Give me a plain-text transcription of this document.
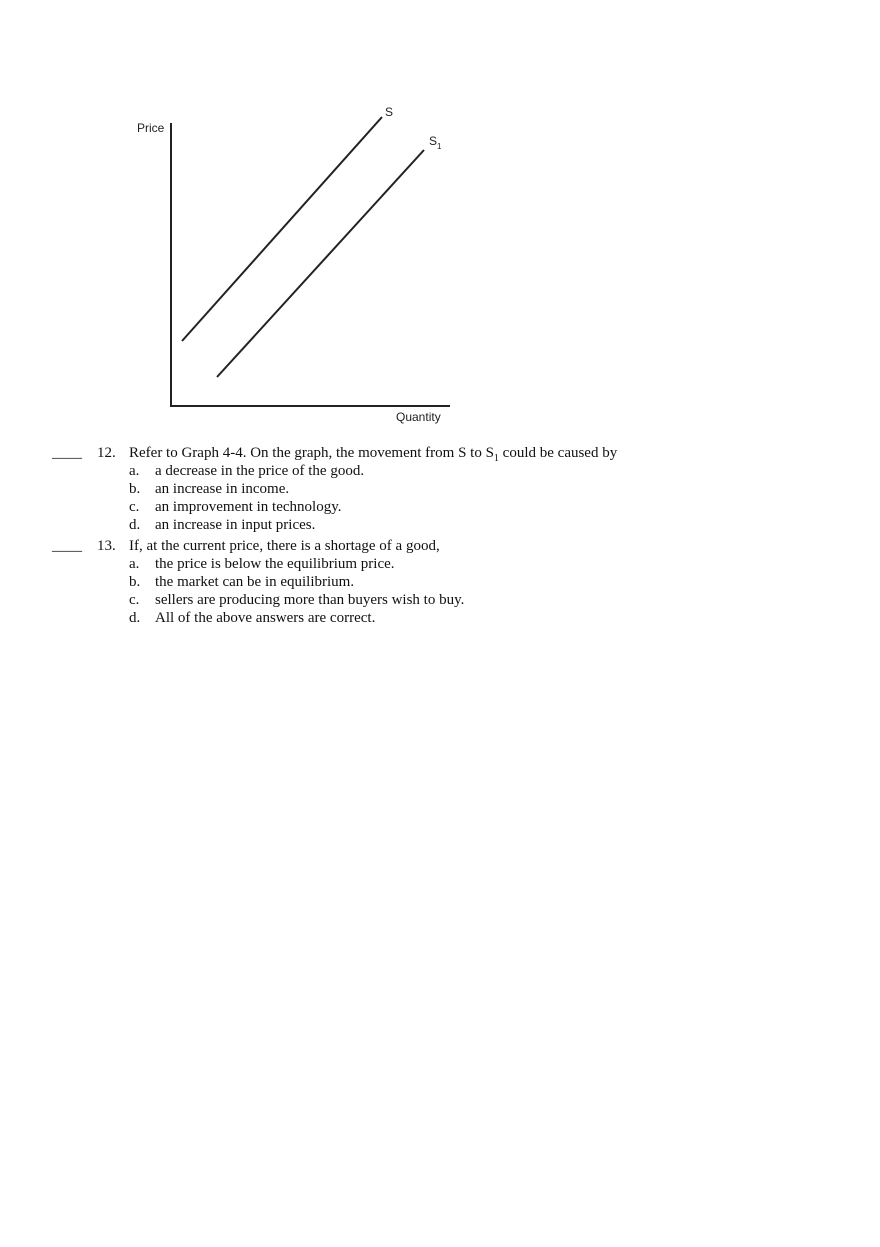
Price
Quantity
S
S 1
____ 12. Refer to Graph 4-4. On the graph, the movement from S to $S_1$ could be caused by
a. a decrease in the price of the good.
b. an increase in income.
c. an improvement in technology.
d. an increase in input prices.
____ 13. If, at the current price, there is a shortage of a good,
a. the price is below the equilibrium price.
b. the market can be in equilibrium.
c. sellers are producing more than buyers wish to buy.
d. All of the above answers are correct.
